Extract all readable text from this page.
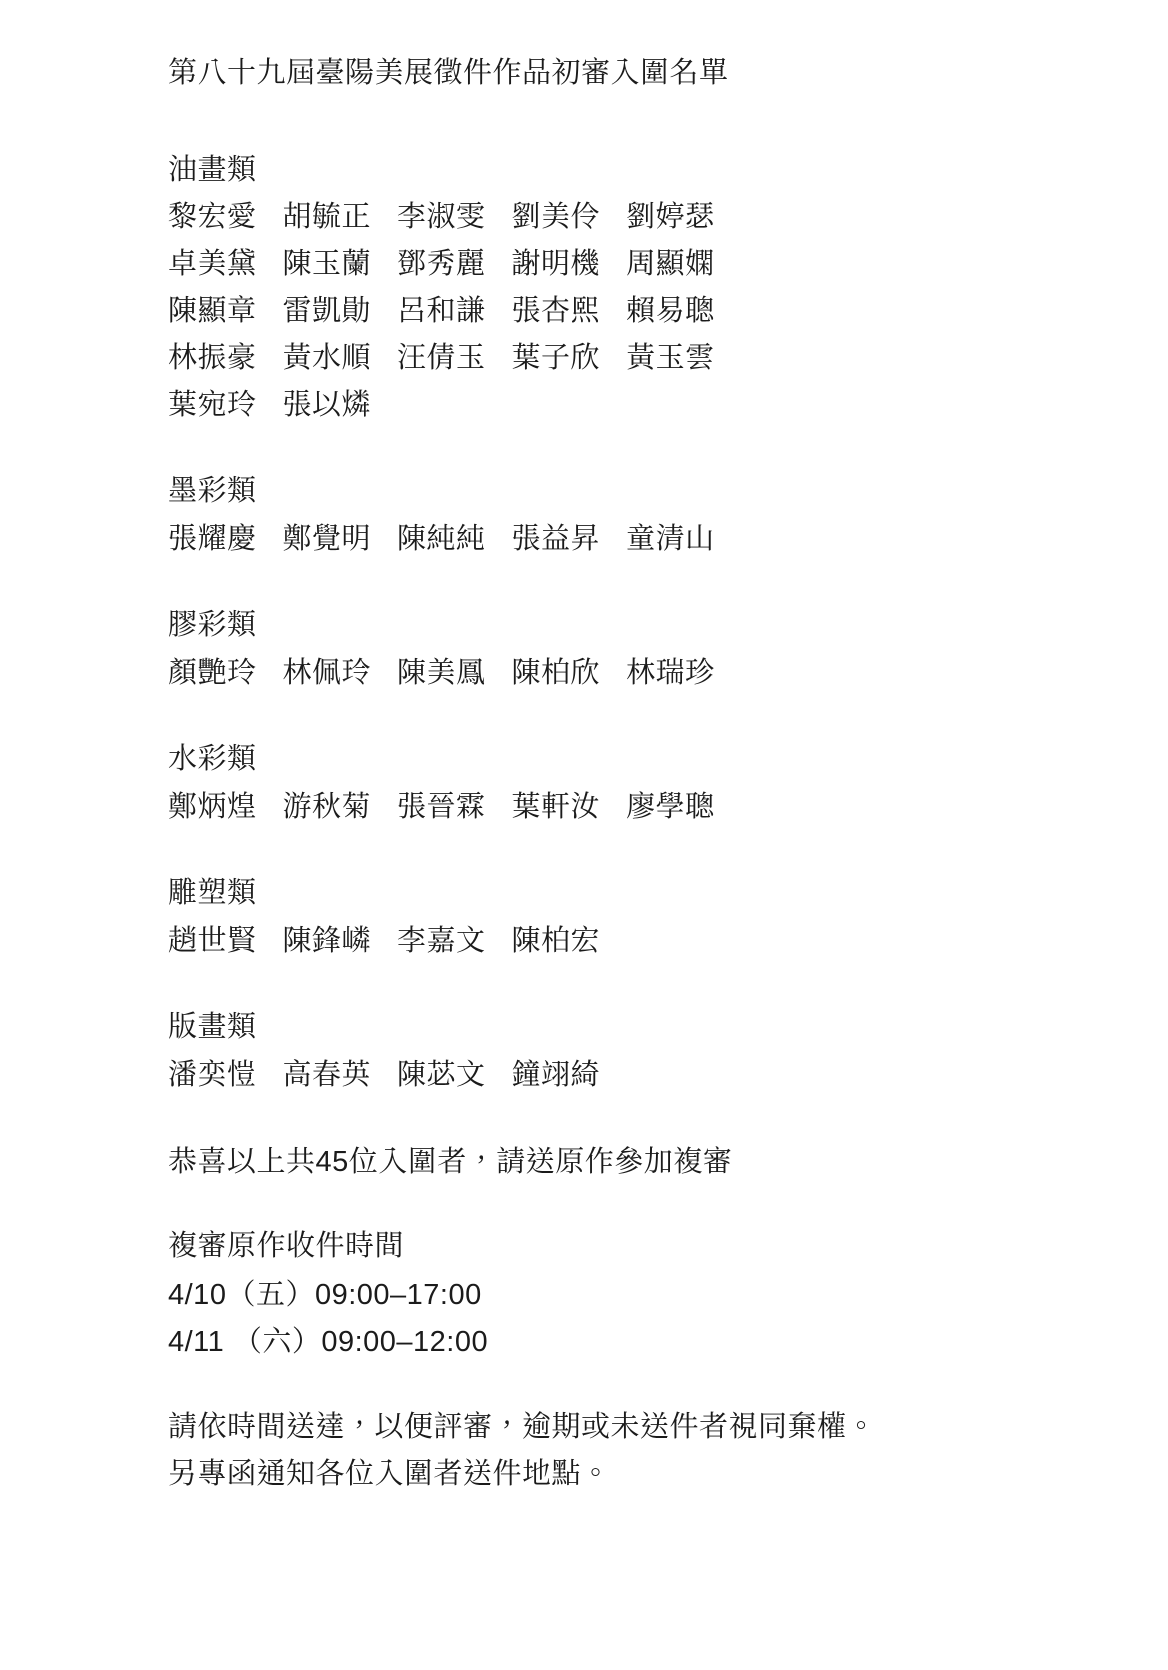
第八十九屆臺陽美展徵件作品初審入圍名單
油畫類
黎宏愛 胡毓正 李淑雯 劉美伶 劉婷瑟
卓美黛 陳玉蘭 鄧秀麗 謝明機 周顯嫻
陳顯章 雷凱勛 呂和謙 張杏熙 賴易聰
林振豪 黃水順 汪倩玉 葉子欣 黃玉雲
葉宛玲 張以燐
墨彩類
張耀慶 鄭覺明 陳純純 張益昇 童清山
膠彩類
顏艷玲 林佩玲 陳美鳳 陳柏欣 林瑞珍
水彩類
鄭炳煌 游秋菊 張晉霖 葉軒汝 廖學聰
雕塑類
趙世賢 陳鋒嶙 李嘉文 陳柏宏
版畫類
潘奕愷 高春英 陳苾文 鐘翊綺

恭喜以上共45位入圍者，請送原作參加複審

複審原作收件時間
4/10（五）09:00–17:00
4/11 （六）09:00–12:00
請依時間送達，以便評審，逾期或未送件者視同棄權。
另專函通知各位入圍者送件地點。
